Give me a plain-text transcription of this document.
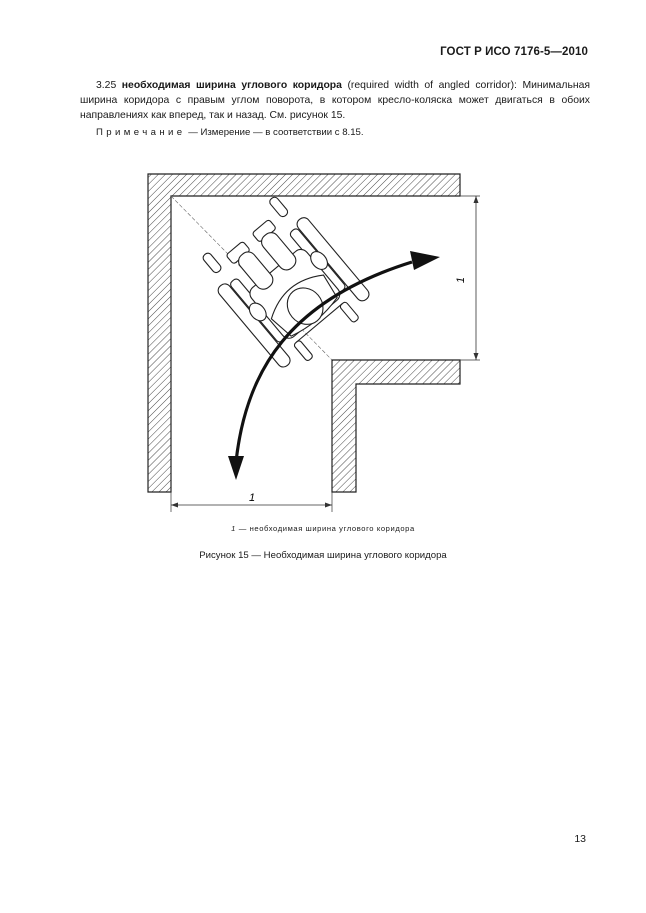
ГОСТ Р ИСО 7176-5—2010

3.25 необходимая ширина углового коридора (required width of angled corridor): Минимальная ширина коридора с правым углом поворота, в котором кресло-коляска может двигаться в обоих направлениях как вперед, так и назад. См. рисунок 15.

Примечание — Измерение — в соответствии с 8.15.
1
1
1 — необходимая ширина углового коридора
Рисунок 15 — Необходимая ширина углового коридора
13
